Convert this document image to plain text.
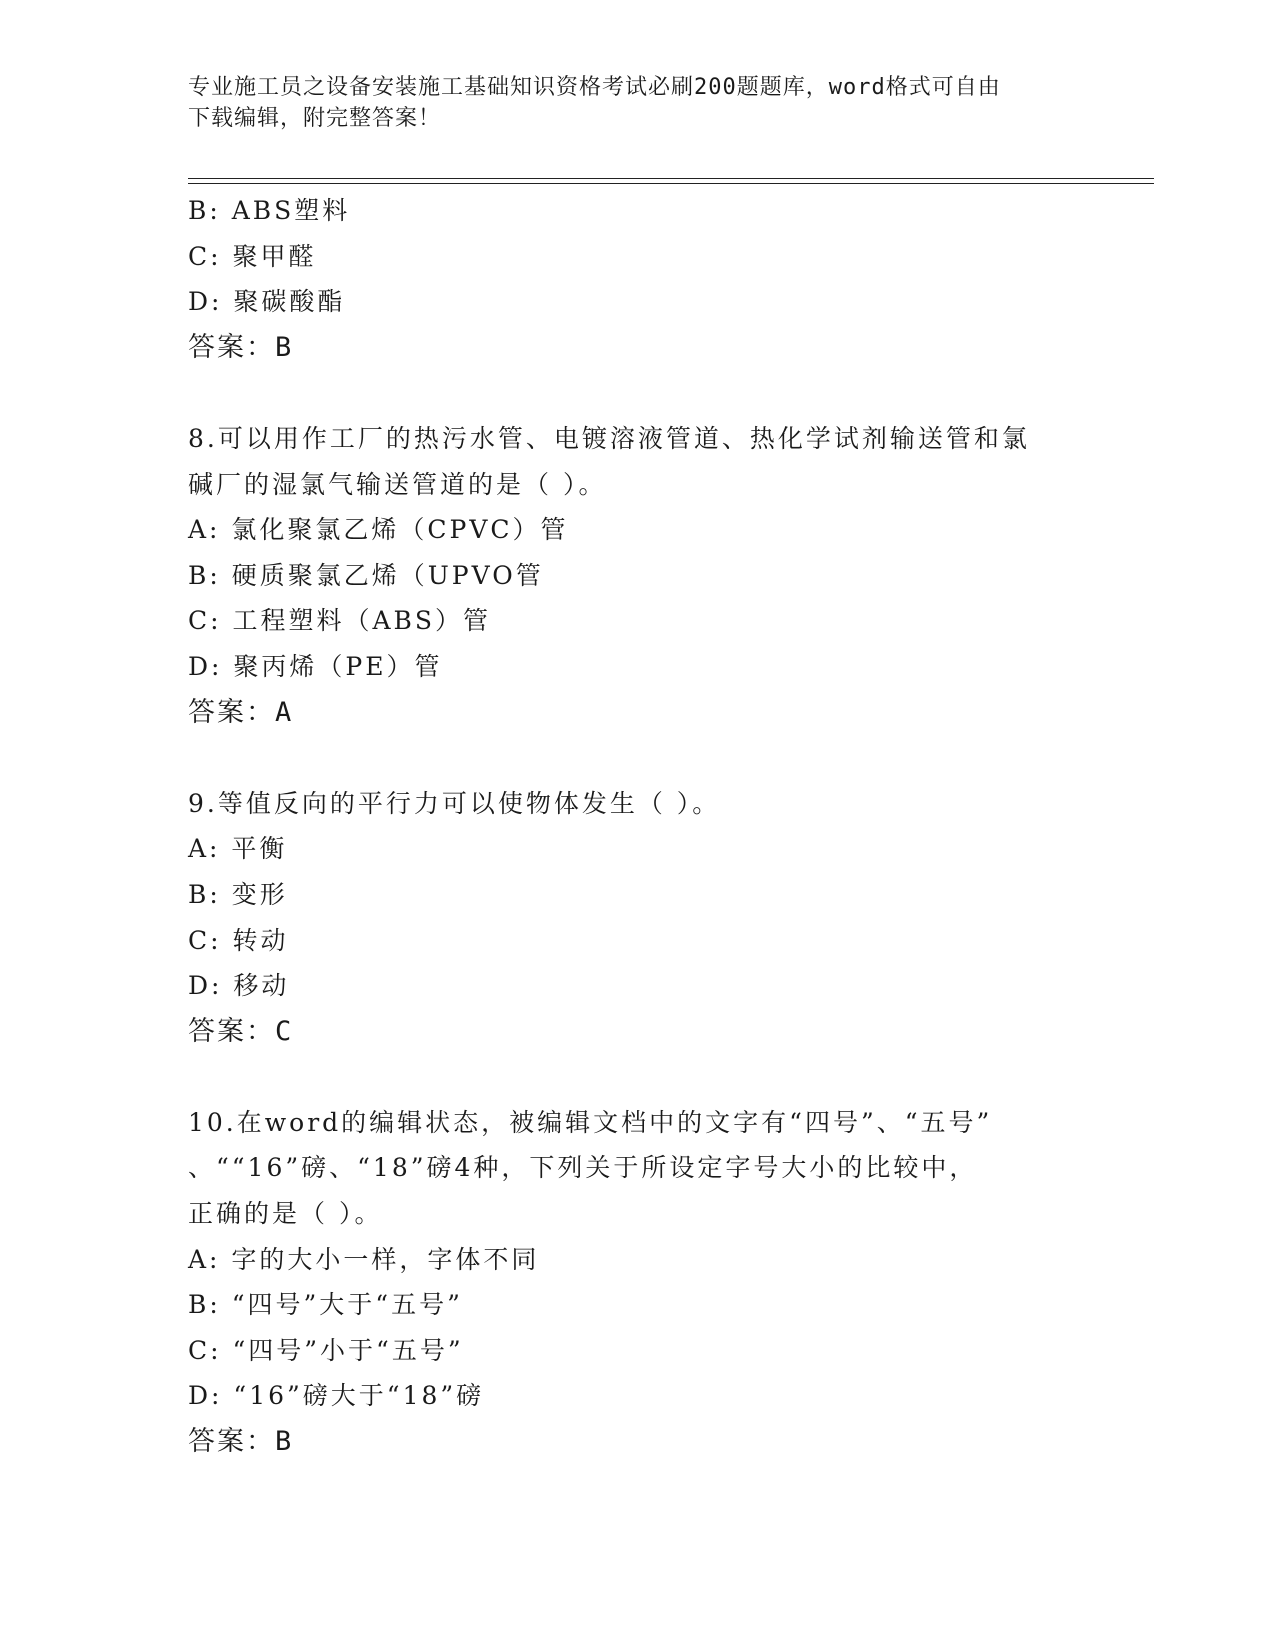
专业施工员之设备安装施工基础知识资格考试必刷200题题库，word格式可自由
下载编辑，附完整答案！
B: ABS塑料
C: 聚甲醛
D: 聚碳酸酯
答案：B
8.可以用作工厂的热污水管、电镀溶液管道、热化学试剂输送管和氯
碱厂的湿氯气输送管道的是（ ）。
A: 氯化聚氯乙烯（CPVC）管
B: 硬质聚氯乙烯（UPVO管
C: 工程塑料（ABS）管
D: 聚丙烯（PE）管
答案：A
9.等值反向的平行力可以使物体发生（ ）。
A: 平衡
B: 变形
C: 转动
D: 移动
答案：C
10.在word的编辑状态，被编辑文档中的文字有“四号”、“五号”
、““16”磅、“18”磅4种，下列关于所设定字号大小的比较中，
正确的是（ ）。
A: 字的大小一样，字体不同
B: “四号”大于“五号”
C: “四号”小于“五号”
D: “16”磅大于“18”磅
答案：B
